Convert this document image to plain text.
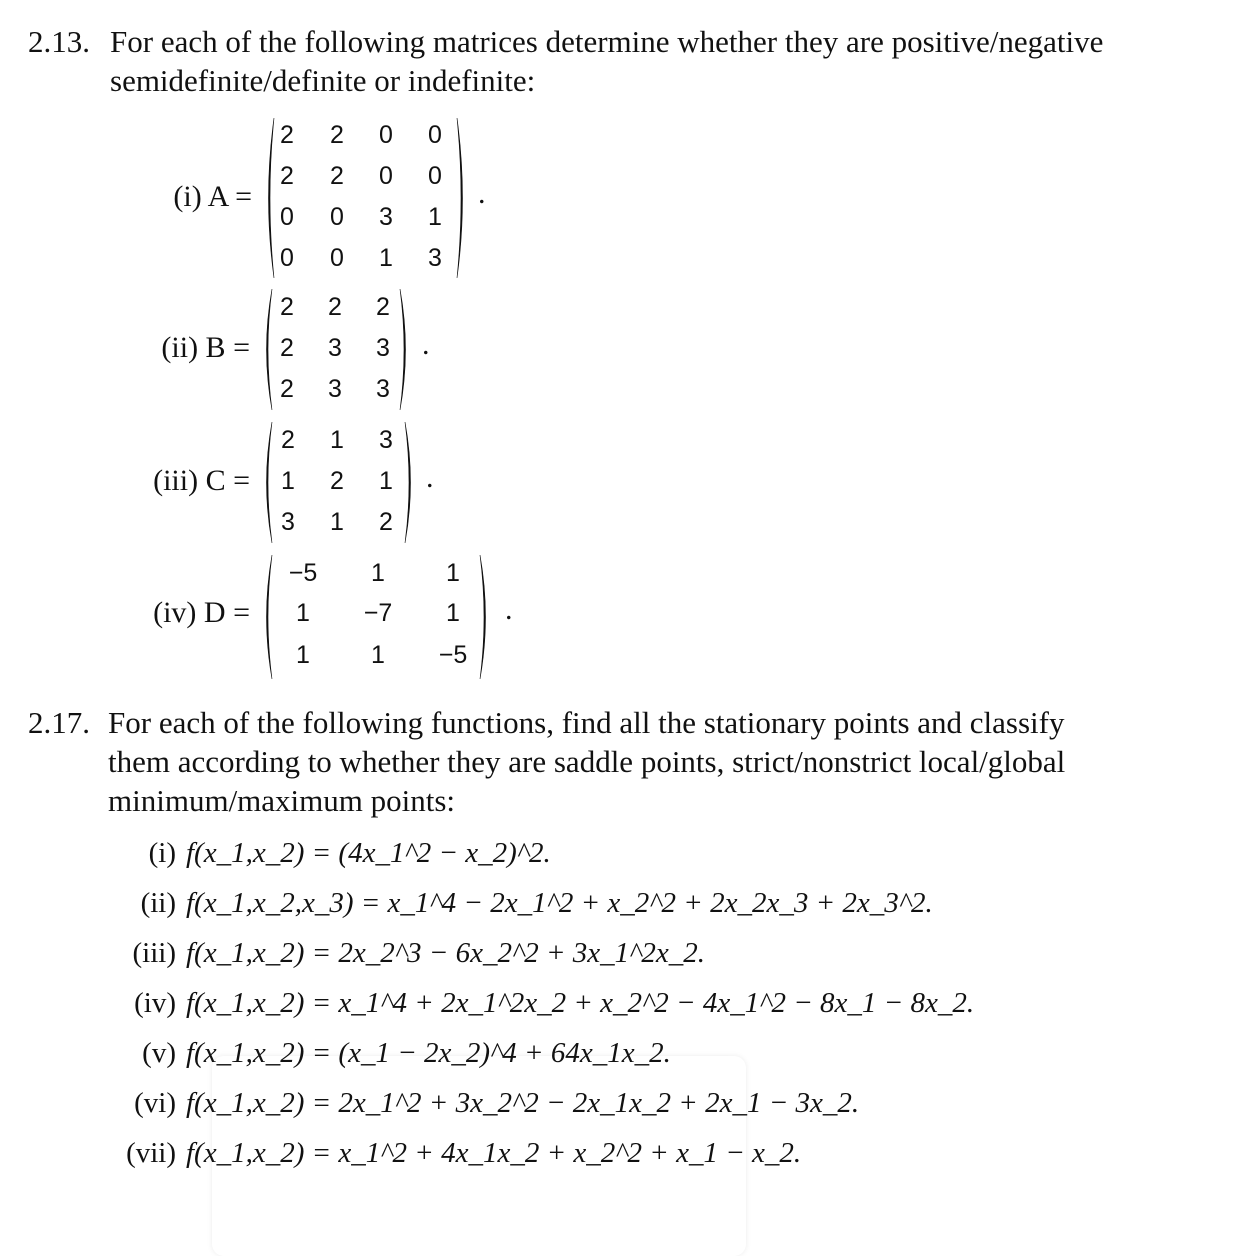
2.13. For each of the following matrices determine whether they are positive/negative
semidefinite/definite or indefinite:
(i) A =
2	2	0	0
2	2	0	0
0	0	3	1
0	0	1	3
.
(ii) B =
2	2	2
2	3	3
2	3	3
.
(iii) C =
2	1	3
1	2	1
3	1	2
.
(iv) D =
−5	1	1
1	−7	1
1	1	−5
.
2.17. For each of the following functions, find all the stationary points and classify
them according to whether they are saddle points, strict/nonstrict local/global
minimum/maximum points:
(i) f(x_1,x_2) = (4x_1^2 − x_2)^2.
(ii) f(x_1,x_2,x_3) = x_1^4 − 2x_1^2 + x_2^2 + 2x_2x_3 + 2x_3^2.
(iii) f(x_1,x_2) = 2x_2^3 − 6x_2^2 + 3x_1^2x_2.
(iv) f(x_1,x_2) = x_1^4 + 2x_1^2x_2 + x_2^2 − 4x_1^2 − 8x_1 − 8x_2.
(v) f(x_1,x_2) = (x_1 − 2x_2)^4 + 64x_1x_2.
(vi) f(x_1,x_2) = 2x_1^2 + 3x_2^2 − 2x_1x_2 + 2x_1 − 3x_2.
(vii) f(x_1,x_2) = x_1^2 + 4x_1x_2 + x_2^2 + x_1 − x_2.
